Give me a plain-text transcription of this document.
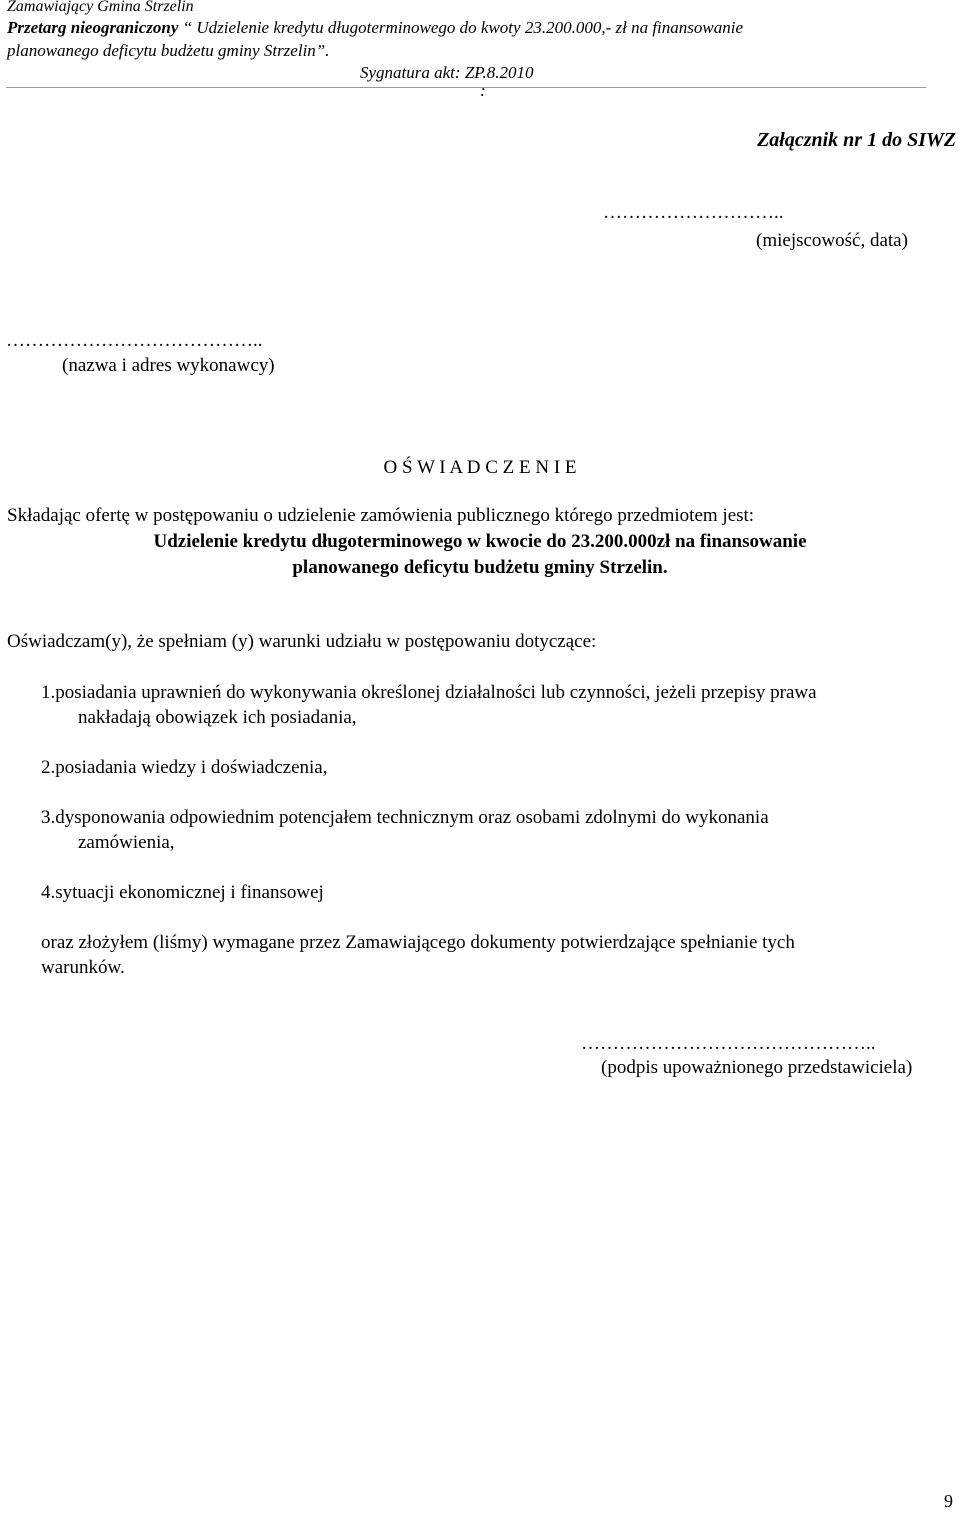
Zamawiający Gmina Strzelin
Przetarg nieograniczony “ Udzielenie kredytu długoterminowego do kwoty 23.200.000,- zł na finansowanie
planowanego deficytu budżetu gminy Strzelin”.
Sygnatura akt: ZP.8.2010
:
Załącznik nr 1 do SIWZ
………………………..
(miejscowość, data)
…………………………………..
(nazwa i adres wykonawcy)
O Ś W I A D C Z E N I E
Składając ofertę w postępowaniu o udzielenie zamówienia publicznego którego przedmiotem jest:
Udzielenie kredytu długoterminowego w kwocie do 23.200.000zł na finansowanie
planowanego deficytu budżetu gminy Strzelin.
Oświadczam(y), że spełniam (y) warunki udziału w postępowaniu dotyczące:
1.posiadania uprawnień do wykonywania określonej działalności lub czynności, jeżeli przepisy prawa
nakładają obowiązek ich posiadania,
2.posiadania wiedzy i doświadczenia,
3.dysponowania odpowiednim potencjałem technicznym oraz osobami zdolnymi do wykonania
zamówienia,
4.sytuacji ekonomicznej i finansowej
oraz złożyłem (liśmy) wymagane przez Zamawiającego dokumenty potwierdzające spełnianie tych
warunków.
………………………………………..
(podpis upoważnionego przedstawiciela)
9
